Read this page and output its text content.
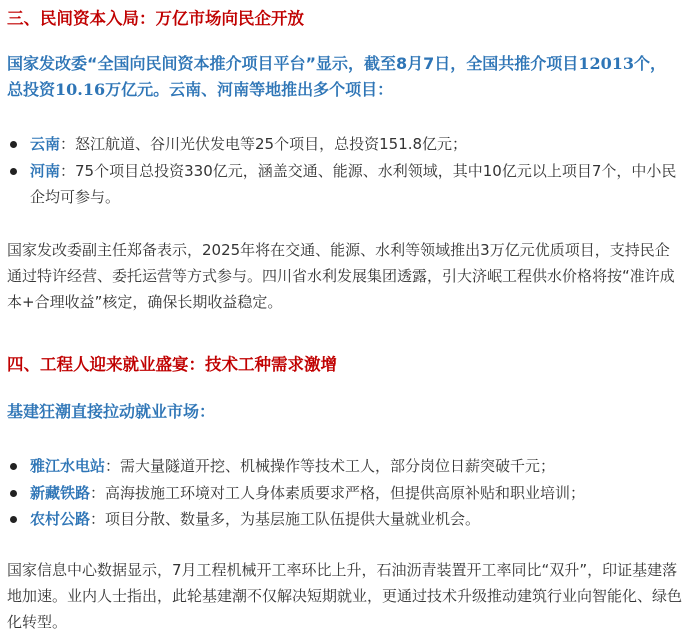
三、民间资本入局：万亿市场向民企开放
国家发改委“全国向民间资本推介项目平台”显示，截至8月7日，全国共推介项目12013个，总投资10.16万亿元。云南、河南等地推出多个项目：
云南：怒江航道、谷川光伏发电等25个项目，总投资151.8亿元；
河南：75个项目总投资330亿元，涵盖交通、能源、水利领域，其中10亿元以上项目7个，中小民企均可参与。
国家发改委副主任郑备表示，2025年将在交通、能源、水利等领域推出3万亿元优质项目，支持民企通过特许经营、委托运营等方式参与。四川省水利发展集团透露，引大济岷工程供水价格将按“准许成本+合理收益”核定，确保长期收益稳定。
四、工程人迎来就业盛宴：技术工种需求激增
基建狂潮直接拉动就业市场：
雅江水电站：需大量隧道开挖、机械操作等技术工人，部分岗位日薪突破千元；
新藏铁路：高海拔施工环境对工人身体素质要求严格，但提供高原补贴和职业培训；
农村公路：项目分散、数量多，为基层施工队伍提供大量就业机会。
国家信息中心数据显示，7月工程机械开工率环比上升，石油沥青装置开工率同比“双升”，印证基建落地加速。业内人士指出，此轮基建潮不仅解决短期就业，更通过技术升级推动建筑行业向智能化、绿色化转型。
